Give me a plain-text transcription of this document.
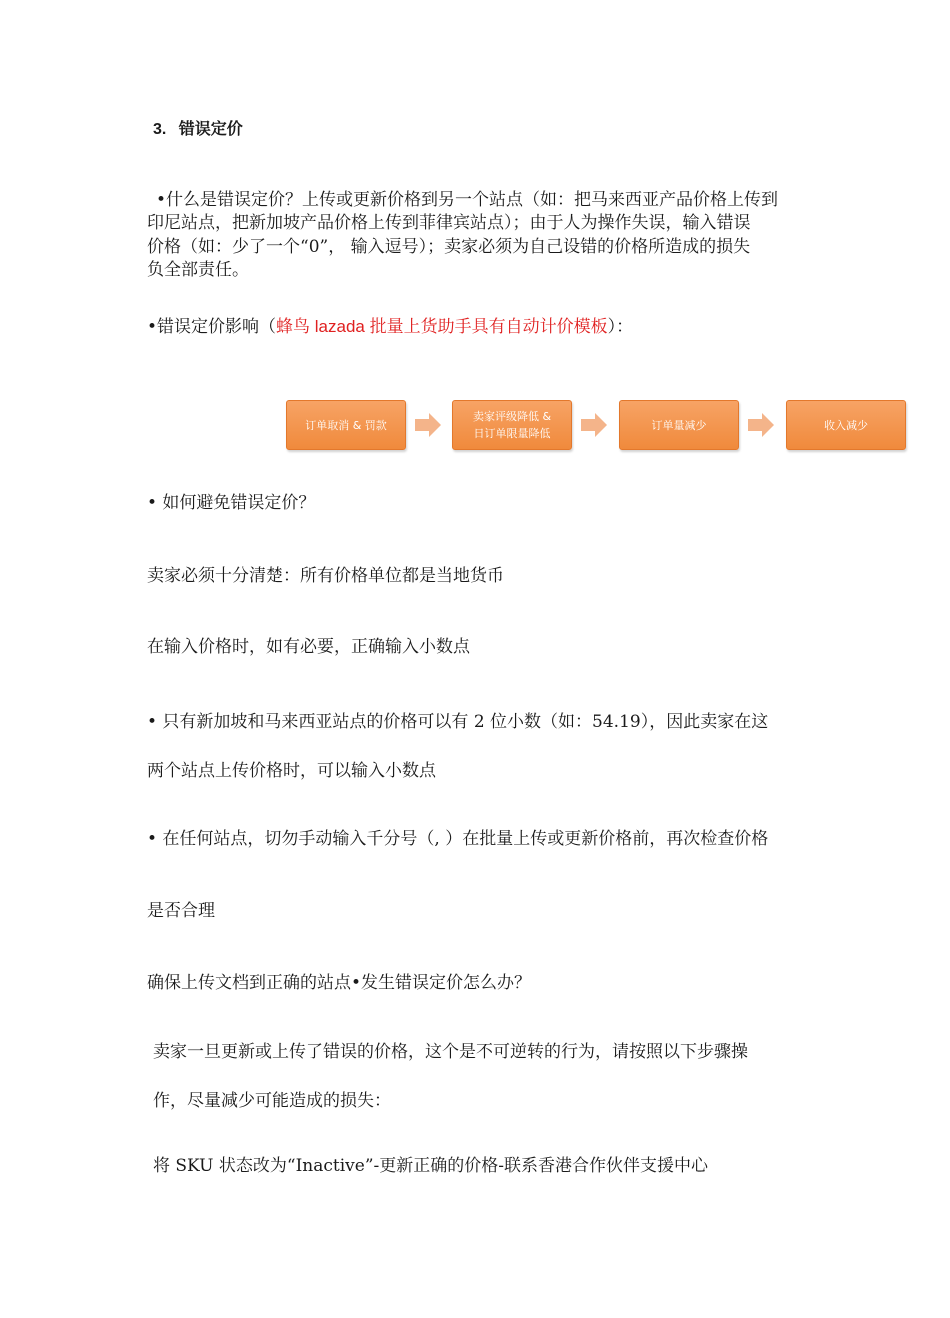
3. 错误定价
•什么是错误定价？上传或更新价格到另一个站点（如：把马来西亚产品价格上传到
印尼站点，把新加坡产品价格上传到菲律宾站点）；由于人为操作失误，输入错误
价格（如：少了一个“0”， 输入逗号）；卖家必须为自己设错的价格所造成的损失
负全部责任。
•错误定价影响（蜂鸟 lazada 批量上货助手具有自动计价模板）：
订单取消 & 罚款
卖家评级降低 &
日订单限量降低
订单量减少	收入减少
• 如何避免错误定价？
卖家必须十分清楚：所有价格单位都是当地货币
在输入价格时，如有必要，正确输入小数点
• 只有新加坡和马来西亚站点的价格可以有 2 位小数（如：54.19），因此卖家在这
两个站点上传价格时，可以输入小数点
• 在任何站点，切勿手动输入千分号（, ）在批量上传或更新价格前，再次检查价格
是否合理
确保上传文档到正确的站点•发生错误定价怎么办？
卖家一旦更新或上传了错误的价格，这个是不可逆转的行为，请按照以下步骤操
作，尽量减少可能造成的损失：
将 SKU 状态改为“Inactive”-更新正确的价格-联系香港合作伙伴支援中心
